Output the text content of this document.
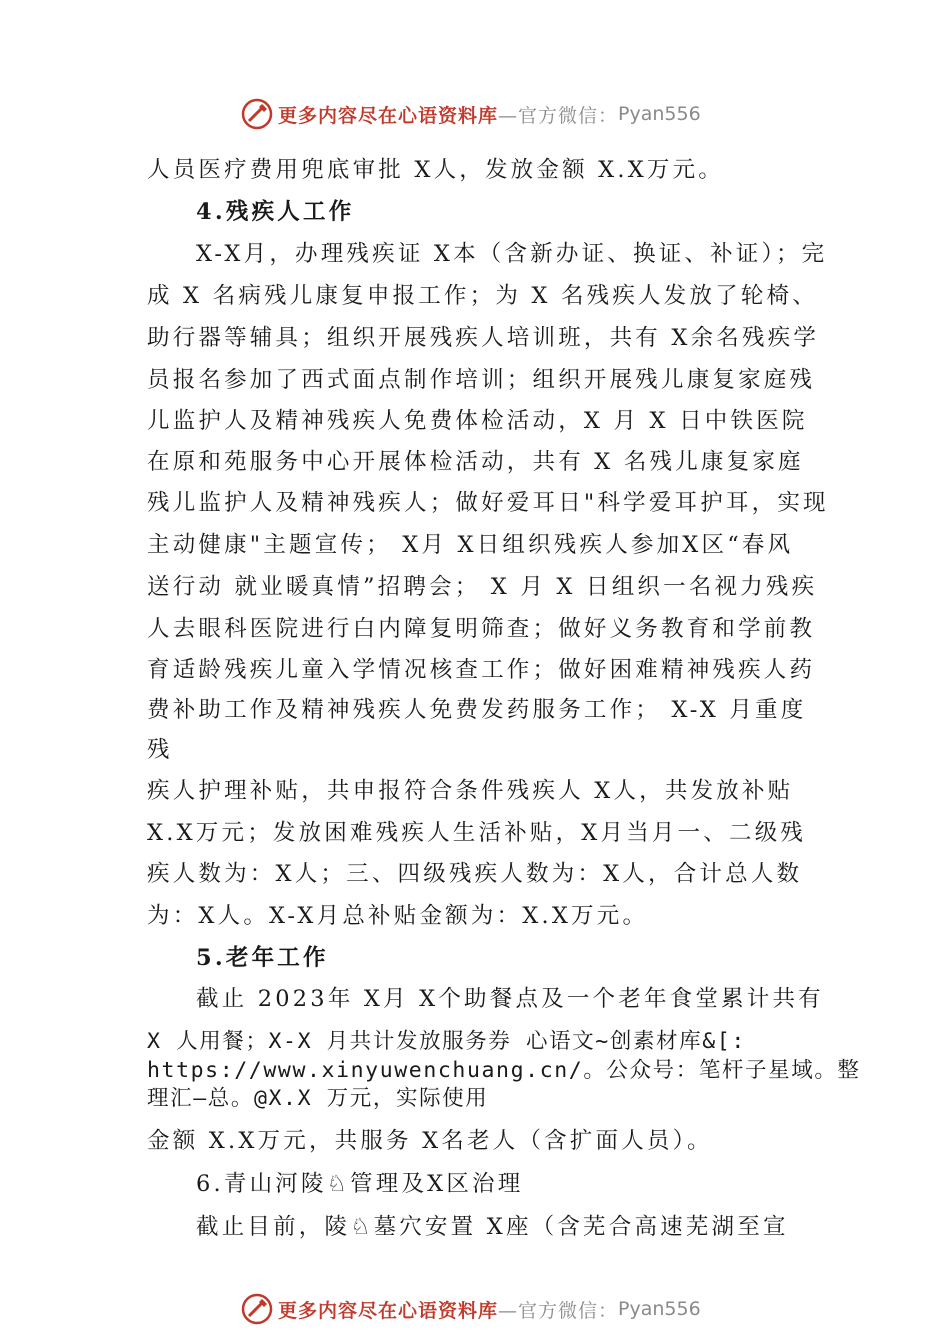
更多内容尽在心语资料库 —官方微信： Pyan556
人员医疗费用兜底审批 X人，发放金额 X.X万元。
4.残疾人工作
X-X月，办理残疾证 X本（含新办证、换证、补证）；完
成 X 名病残儿康复申报工作；为 X 名残疾人发放了轮椅、
助行器等辅具；组织开展残疾人培训班，共有 X余名残疾学
员报名参加了西式面点制作培训；组织开展残儿康复家庭残
儿监护人及精神残疾人免费体检活动，X 月 X 日中铁医院
在原和苑服务中心开展体检活动，共有 X 名残儿康复家庭
残儿监护人及精神残疾人；做好爱耳日"科学爱耳护耳，实现
主动健康"主题宣传； X月 X日组织残疾人参加X区“春风
送行动 就业暖真情”招聘会； X 月 X 日组织一名视力残疾
人去眼科医院进行白内障复明筛查；做好义务教育和学前教
育适龄残疾儿童入学情况核查工作；做好困难精神残疾人药
费补助工作及精神残疾人免费发药服务工作； X-X 月重度
残
疾人护理补贴，共申报符合条件残疾人 X人，共发放补贴
X.X万元；发放困难残疾人生活补贴，X月当月一、二级残
疾人数为：X人；三、四级残疾人数为：X人，合计总人数
为：X人。X-X月总补贴金额为：X.X万元。
5.老年工作
截止 2023年 X月 X个助餐点及一个老年食堂累计共有
X 人用餐；X-X 月共计发放服务券 心语文~创素材库&[:
https://www.xinyuwenchuang.cn/。公众号：笔杆子星域。整
理汇—总。@X.X 万元，实际使用
金额 X.X万元，共服务 X名老人（含扩面人员）。
6.青山河陵♘管理及X区治理
截止目前，陵♘墓穴安置 X座（含芜合高速芜湖至宣
更多内容尽在心语资料库 —官方微信： Pyan556
